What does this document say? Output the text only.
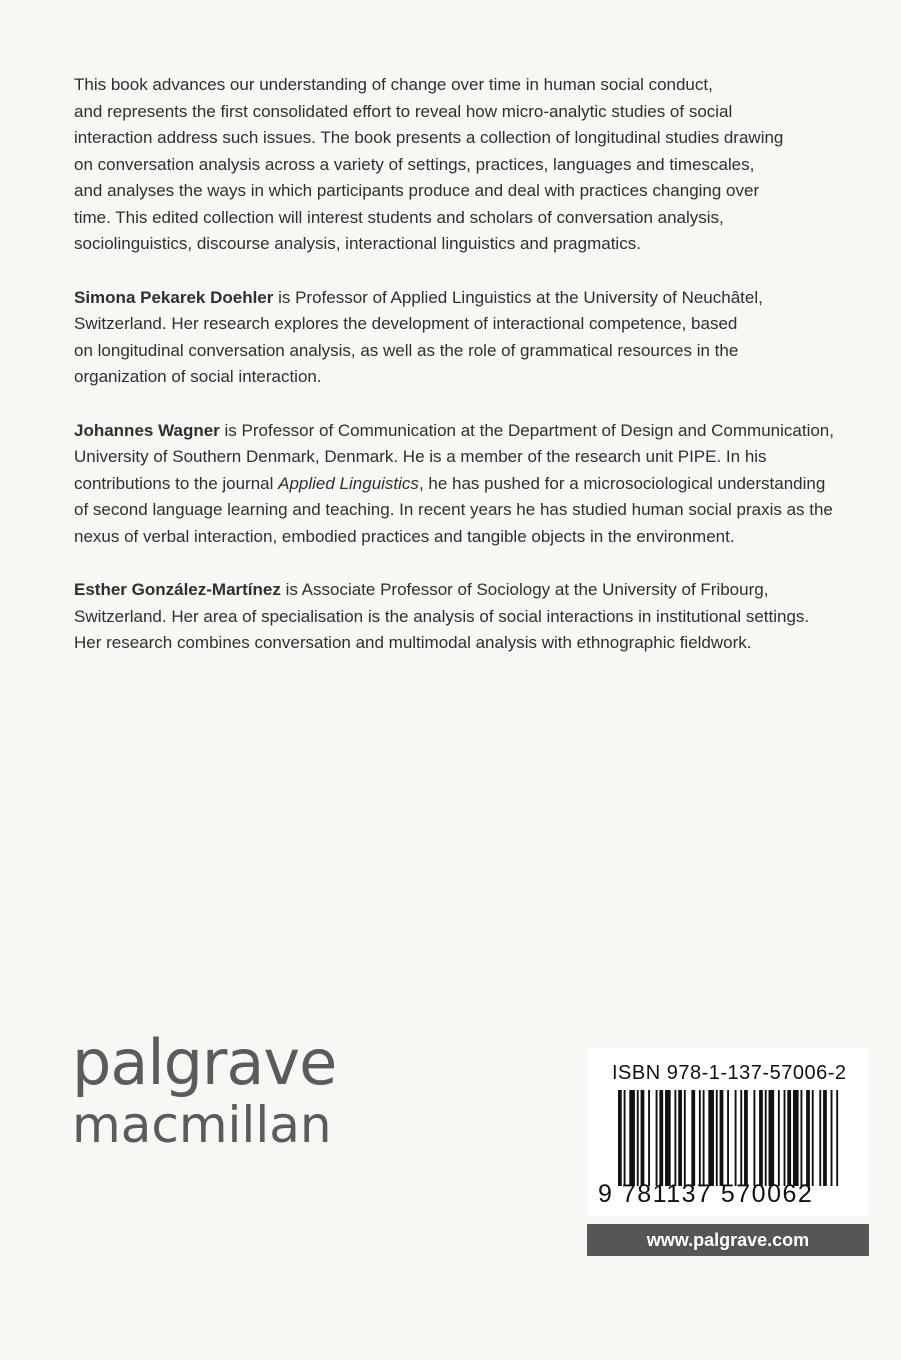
This book advances our understanding of change over time in human social conduct,
and represents the first consolidated effort to reveal how micro-analytic studies of social
interaction address such issues. The book presents a collection of longitudinal studies drawing
on conversation analysis across a variety of settings, practices, languages and timescales,
and analyses the ways in which participants produce and deal with practices changing over
time. This edited collection will interest students and scholars of conversation analysis,
sociolinguistics, discourse analysis, interactional linguistics and pragmatics.

Simona Pekarek Doehler is Professor of Applied Linguistics at the University of Neuchâtel,
Switzerland. Her research explores the development of interactional competence, based
on longitudinal conversation analysis, as well as the role of grammatical resources in the
organization of social interaction.

Johannes Wagner is Professor of Communication at the Department of Design and Communication,
University of Southern Denmark, Denmark. He is a member of the research unit PIPE. In his
contributions to the journal Applied Linguistics, he has pushed for a microsociological understanding
of second language learning and teaching. In recent years he has studied human social praxis as the
nexus of verbal interaction, embodied practices and tangible objects in the environment.

Esther González-Martínez is Associate Professor of Sociology at the University of Fribourg,
Switzerland. Her area of specialisation is the analysis of social interactions in institutional settings.
Her research combines conversation and multimodal analysis with ethnographic fieldwork.

palgrave
macmillan
ISBN 978-1-137-57006-2
9 781137 570062
www.palgrave.com
